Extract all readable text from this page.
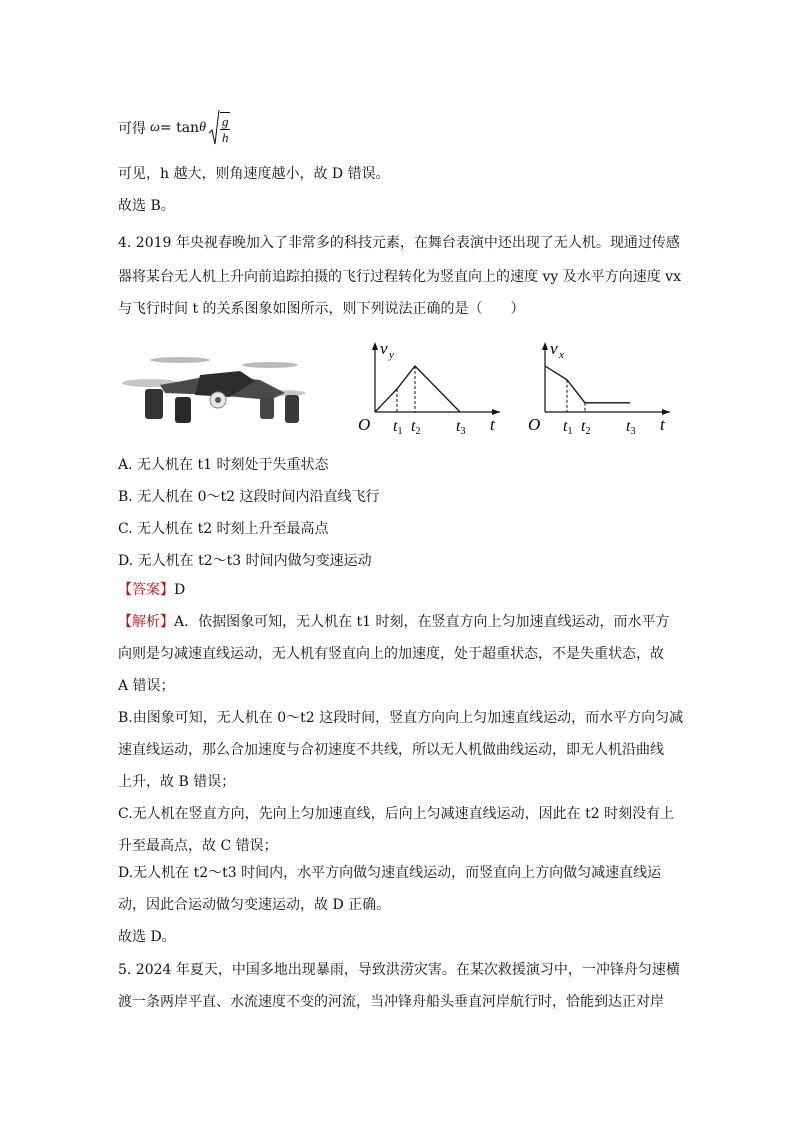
可得 ω = tan θ $\frac{g}{h}$
可见，h 越大，则角速度越小，故 D 错误。
故选 B。
4. 2019 年央视春晚加入了非常多的科技元素，在舞台表演中还出现了无人机。现通过传感
器将某台无人机上升向前追踪拍摄的飞行过程转化为竖直向上的速度 vy 及水平方向速度 vx
与飞行时间 t 的关系图象如图所示，则下列说法正确的是（　　）
v y
O	t
t1 t2 t3
v x
O	t
t1 t2 t3
A. 无人机在 t1 时刻处于失重状态
B. 无人机在 0～t2 这段时间内沿直线飞行
C. 无人机在 t2 时刻上升至最高点
D. 无人机在 t2～t3 时间内做匀变速运动
【答案】D
【解析】A．依据图象可知，无人机在 t1 时刻，在竖直方向上匀加速直线运动，而水平方
向则是匀减速直线运动，无人机有竖直向上的加速度，处于超重状态，不是失重状态，故
A 错误；
B.由图象可知，无人机在 0～t2 这段时间，竖直方向向上匀加速直线运动，而水平方向匀减
速直线运动，那么合加速度与合初速度不共线，所以无人机做曲线运动，即无人机沿曲线
上升，故 B 错误；
C.无人机在竖直方向，先向上匀加速直线，后向上匀减速直线运动，因此在 t2 时刻没有上
升至最高点，故 C 错误；
D.无人机在 t2～t3 时间内，水平方向做匀速直线运动，而竖直向上方向做匀减速直线运
动，因此合运动做匀变速运动，故 D 正确。
故选 D。
5. 2024 年夏天，中国多地出现暴雨，导致洪涝灾害。在某次救援演习中，一冲锋舟匀速横
渡一条两岸平直、水流速度不变的河流，当冲锋舟船头垂直河岸航行时，恰能到达正对岸
